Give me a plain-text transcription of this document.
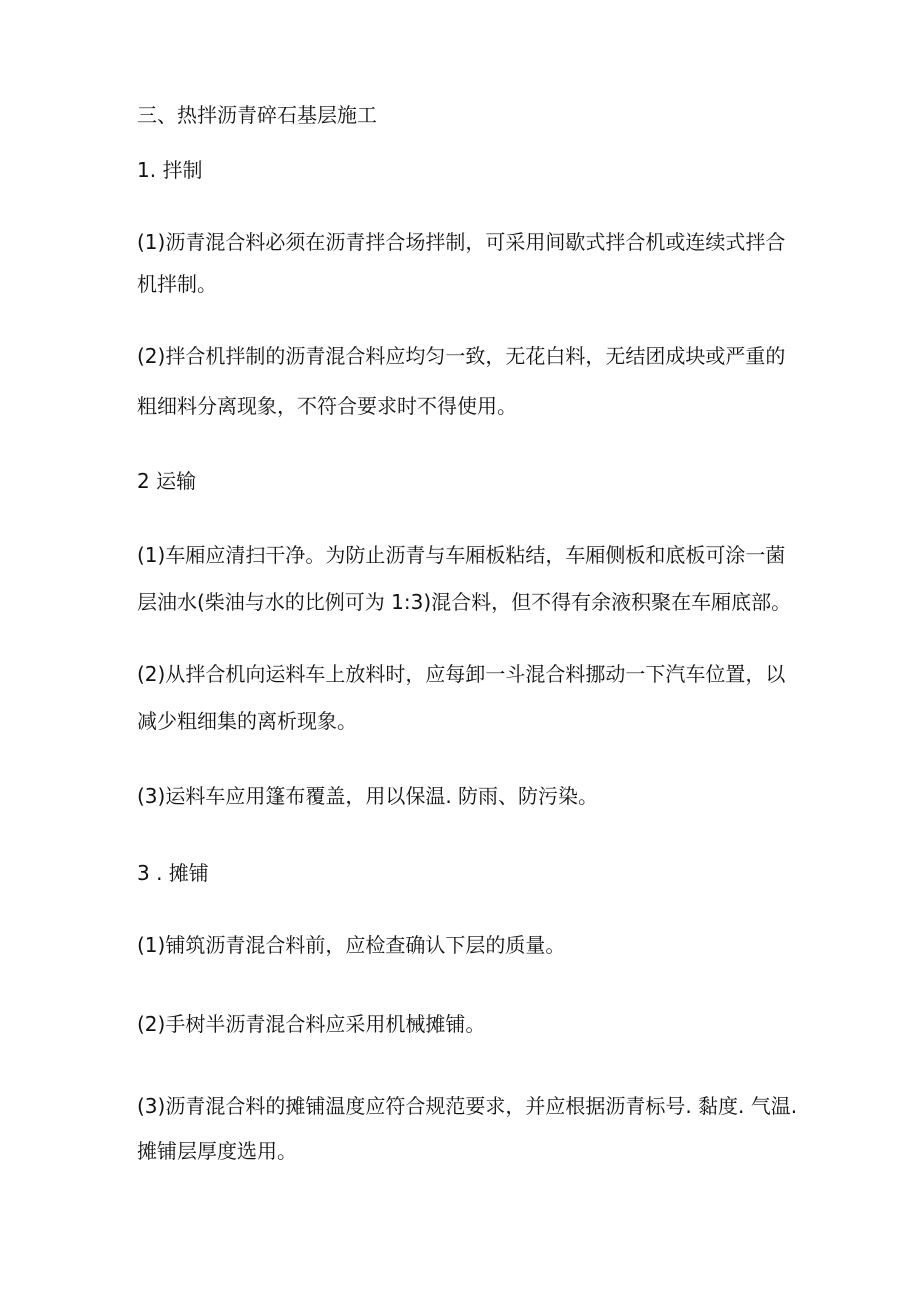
三、热拌沥青碎石基层施工

1. 拌制

(1)沥青混合料必须在沥青拌合场拌制，可采用间歇式拌合机或连续式拌合

机拌制。

(2)拌合机拌制的沥青混合料应均匀一致，无花白料，无结团成块或严重的

粗细料分离现象，不符合要求时不得使用。

2 运输

(1)车厢应清扫干净。为防止沥青与车厢板粘结，车厢侧板和底板可涂一菌

层油水(柴油与水的比例可为 1:3)混合料，但不得有余液积聚在车厢底部。

(2)从拌合机向运料车上放料时，应每卸一斗混合料挪动一下汽车位置，以

减少粗细集的离析现象。

(3)运料车应用篷布覆盖，用以保温. 防雨、防污染。

3 . 摊铺

(1)铺筑沥青混合料前，应检查确认下层的质量。

(2)手树半沥青混合料应采用机械摊铺。

(3)沥青混合料的摊铺温度应符合规范要求，并应根据沥青标号. 黏度. 气温.

摊铺层厚度选用。
